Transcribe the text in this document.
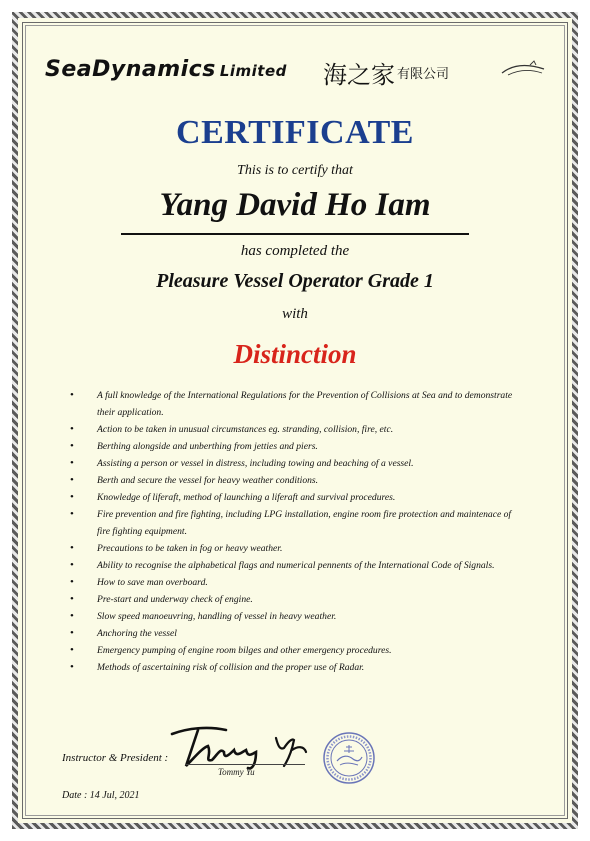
SeaDynamics Limited 海之家 有限公司
CERTIFICATE
This is to certify that
Yang David Ho Iam
has completed the
Pleasure Vessel Operator Grade 1
with
Distinction
• A full knowledge of the International Regulations for the Prevention of Collisions at Sea and to demonstrate their application.
• Action to be taken in unusual circumstances eg. stranding, collision, fire, etc.
• Berthing alongside and unberthing from jetties and piers.
• Assisting a person or vessel in distress, including towing and beaching of a vessel.
• Berth and secure the vessel for heavy weather conditions.
• Knowledge of liferaft, method of launching a liferaft and survival procedures.
• Fire prevention and fire fighting, including LPG installation, engine room fire protection and maintenace of fire fighting equipment.
• Precautions to be taken in fog or heavy weather.
• Ability to recognise the alphabetical flags and numerical pennents of the International Code of Signals.
• How to save man overboard.
• Pre-start and underway check of engine.
• Slow speed manoeuvring, handling of vessel in heavy weather.
• Anchoring the vessel
• Emergency pumping of engine room bilges and other emergency procedures.
• Methods of ascertaining risk of collision and the proper use of Radar.
Instructor & President :
Tommy Yu
Date : 14 Jul, 2021
